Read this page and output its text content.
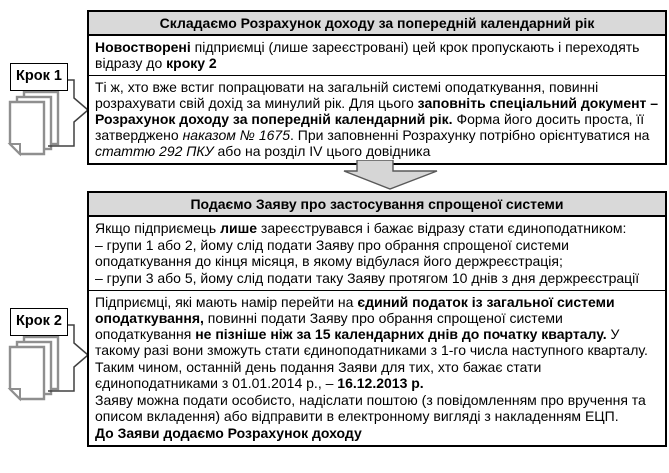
Крок 1
Крок 2
Складаємо Розрахунок доходу за попередній календарний рік
Новостворені підприємці (лише зареєстровані) цей крок пропускають і переходять відразу до кроку 2
Ті ж, хто вже встиг попрацювати на загальній системі оподаткування, повинні розрахувати свій дохід за минулий рік. Для цього заповніть спеціальний документ – Розрахунок доходу за попередній календарний рік. Форма його досить проста, її затверджено наказом № 1675. При заповненні Розрахунку потрібно орієнтуватися на статтю 292 ПКУ або на розділ IV цього довідника
Подаємо Заяву про застосування спрощеної системи
Якщо підприємець лише зареєструвався і бажає відразу стати єдиноподатником:
– групи 1 або 2, йому слід подати Заяву про обрання спрощеної системи оподаткування до кінця місяця, в якому відбулася його держреєстрація;
– групи 3 або 5, йому слід подати таку Заяву протягом 10 днів з дня держреєстрації
Підприємці, які мають намір перейти на єдиний податок із загальної системи оподаткування, повинні подати Заяву про обрання спрощеної системи оподаткування не пізніше ніж за 15 календарних днів до початку кварталу. У такому разі вони зможуть стати єдиноподатниками з 1-го числа наступного кварталу.
Таким чином, останній день подання Заяви для тих, хто бажає стати єдиноподатниками з 01.01.2014 р., – 16.12.2013 р.
Заяву можна подати особисто, надіслати поштою (з повідомленням про вручення та описом вкладення) або відправити в електронному вигляді з накладенням ЕЦП.
До Заяви додаємо Розрахунок доходу
